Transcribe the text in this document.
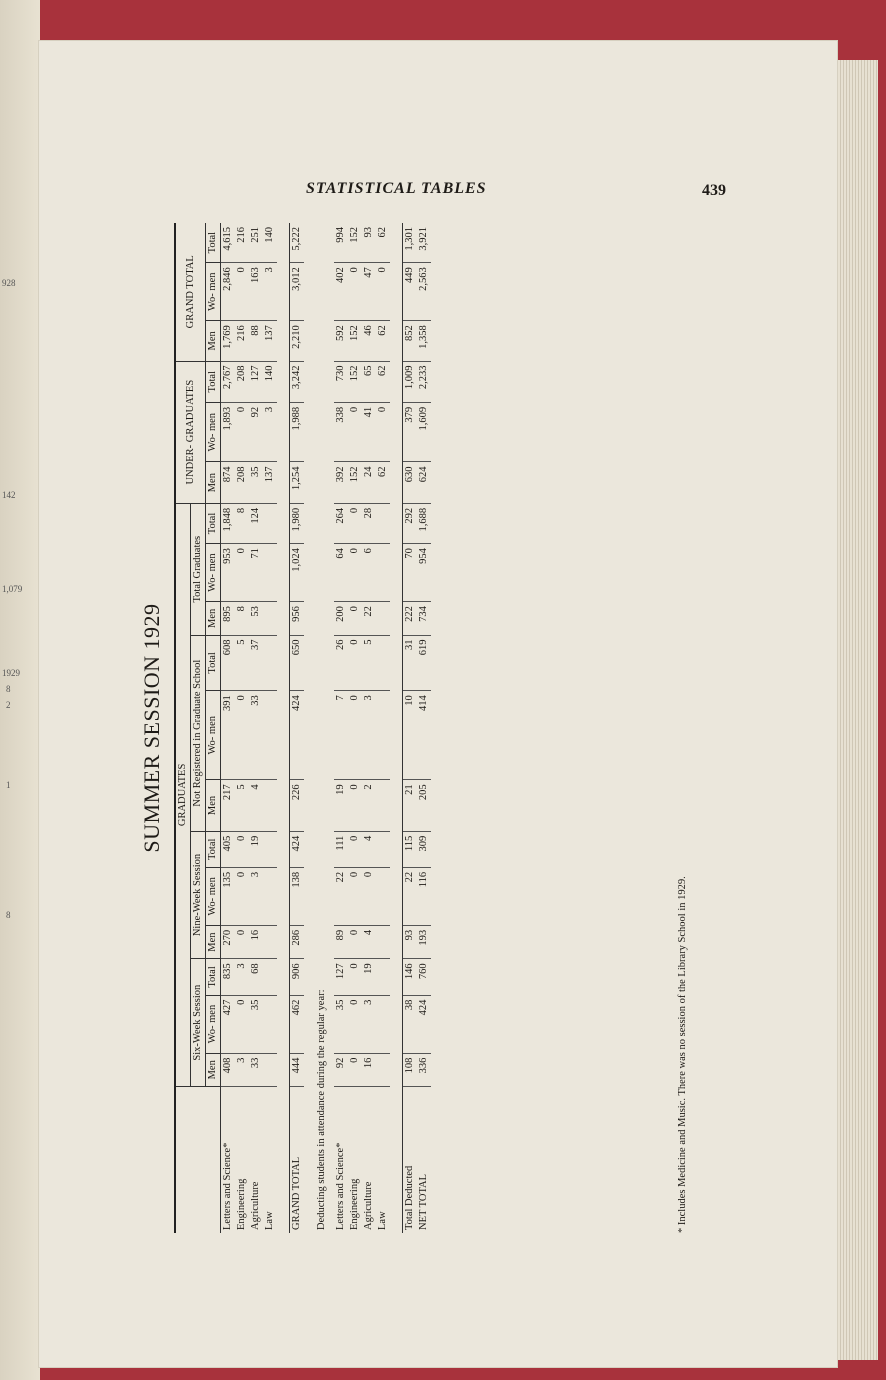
928
142
1,079
1929
8
2
1
8
STATISTICAL TABLES	439
SUMMER SESSION 1929
	GRADUATES												UNDER- GRADUATES			GRAND TOTAL		
	Six-Week Session			Nine-Week Session			Not Registered in Graduate School			Total Graduates								
	Men	Wo- men	Total	Men	Wo- men	Total	Men	Wo- men	Total	Men	Wo- men	Total	Men	Wo- men	Total	Men	Wo- men	Total
Letters and Science*	408	427	835	270	135	405	217	391	608	895	953	1,848	874	1,893	2,767	1,769	2,846	4,615
Engineering	3	0	3	0	0	0	5	0	5	8	0	8	208	0	208	216	0	216
Agriculture	33	35	68	16	3	19	4	33	37	53	71	124	35	92	127	88	163	251
Law													137	3	140	137	3	140

GRAND TOTAL	444	462	906	286	138	424	226	424	650	956	1,024	1,980	1,254	1,988	3,242	2,210	3,012	5,222
Deducting students in attendance during the regular year:																		
Letters and Science*	92	35	127	89	22	111	19	7	26	200	64	264	392	338	730	592	402	994
Engineering	0	0	0	0	0	0	0	0	0	0	0	0	152	0	152	152	0	152
Agriculture	16	3	19	4	0	4	2	3	5	22	6	28	24	41	65	46	47	93
Law													62	0	62	62	0	62

Total Deducted	108	38	146	93	22	115	21	10	31	222	70	292	630	379	1,009	852	449	1,301
NET TOTAL	336	424	760	193	116	309	205	414	619	734	954	1,688	624	1,609	2,233	1,358	2,563	3,921
* Includes Medicine and Music. There was no session of the Library School in 1929.
